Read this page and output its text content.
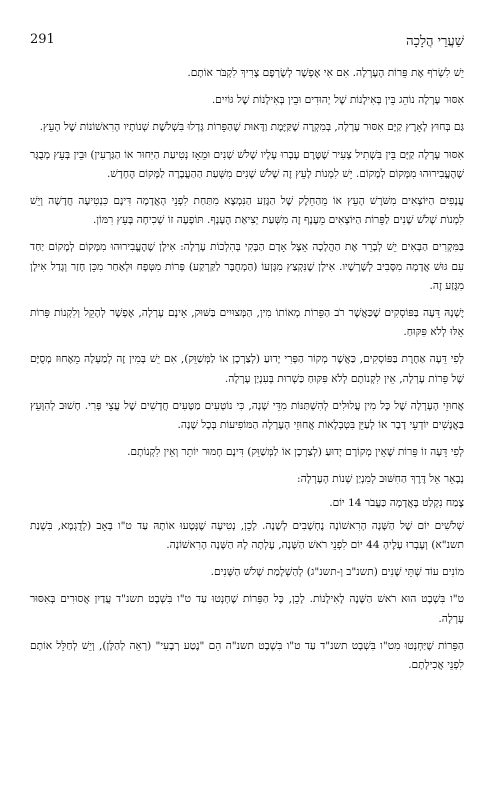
291	שַׁעֲרֵי הֲלָכָה

יֵשׁ לִשְׂרֹף אֶת פֵּרוֹת הָעָרְלָה. אִם אִי אֶפְשָׁר לְשָׂרְפָם צָרִיךְ לִקְבֹּר אוֹתָם.

אִסּוּר עָרְלָה נוֹהֵג בֵּין בְּאִילָנוֹת שֶׁל יְהוּדִים וּבֵין בְּאִילָנוֹת שֶׁל גּוֹיִים.

גַּם בְּחוּץ לָאָרֶץ קַיָּם אִסּוּר עָרְלָה, בְּמִקְרֶה שֶׁקַּיֶּמֶת וַדָּאוּת שֶׁהַפֵּרוֹת גָּדְלוּ בִּשְׁלֹשֶׁת שְׁנוֹתָיו הָרִאשׁוֹנוֹת שֶׁל הָעֵץ.

אִסּוּר עָרְלָה קַיָּם בֵּין בִּשְׁתִיל צָעִיר שֶׁטֶּרֶם עָבְרוּ עָלָיו שָׁלֹשׁ שָׁנִים וּמֵאָז נְטִיעַת הַיִּחוּר אוֹ הַגַּרְעִין) וּבֵין בְּעֵץ מְבֻגָּר שֶׁהֶעֱבִירוּהוּ מִמָּקוֹם לְמָקוֹם. יֵשׁ לִמְנוֹת לָעֵץ זֶה שָׁלֹשׁ שָׁנִים מִשְּׁעַת הַהַעֲבָרָה לַמָּקוֹם הֶחָדָשׁ.

עֲנָפִים הַיּוֹצְאִים מִשֹּׁרֶשׁ הָעֵץ אוֹ מֵהַחֵלֶק שֶׁל הַגֶּזַע הַנִּמְצָא מִתַּחַת לִפְנֵי הָאֲדָמָה דִּינָם כִּנְטִיעָה חֲדָשָׁה וְיֵשׁ לִמְנוֹת שָׁלֹשׁ שָׁנִים לַפֵּרוֹת הַיּוֹצְאִים מֵעָנָף זֶה מִשְּׁעַת יְצִיאַת הֶעָנָף. תּוֹפָעָה זוֹ שְׁכִיחָה בָּעֵץ רִמּוֹן.

בַּמִּקְרִים הַבָּאִים יֵשׁ לְבָרֵר אֶת הַהֲלָכָה אֵצֶל אָדָם הַבָּקִי בְּהִלְכוֹת עָרְלָה: אִילָן שֶׁהֶעֱבִירוּהוּ מִמָּקוֹם לְמָקוֹם יַחַד עִם גּוּשׁ אֲדָמָה מִסָּבִיב לְשָׁרָשָׁיו. אִילָן שֶׁנִּקְצַץ מִגָּזְעוֹ (הַמְחֻבָּר לַקַּרְקַע) פְּרוֹת מִטְּפָח וּלְאַחַר מִכֵּן חָזַר וְגָדַל אִילָן מִגֶּזַע זֶה.

יֶשְׁנָהּ דֵּעָה בַּפּוֹסְקִים שֶׁכַּאֲשֶׁר רֹב הַפֵּרוֹת מְאוֹתוֹ מִין, הַמְּצוּיִים בַּשּׁוּק, אֵינָם עָרְלָה, אֶפְשָׁר לְהָקֵל וְלִקְנוֹת פֵּרוֹת אֵלּוּ לְלֹא פִּקּוּחַ.

לְפִי דֵּעָה אַחֶרֶת בַּפּוֹסְקִים, כַּאֲשֶׁר מְקוֹר הַפְּרִי יָדוּעַ (לְצַרְכָן אוֹ לַמְּשַׁוֵּק), אִם יֵשׁ בְּמִין זֶה לְמַעְלָה מֵאֶחוּז מְסֻיָּם שֶׁל פֵּרוֹת עָרְלָה, אֵין לִקְנוֹתָם לְלֹא פִּקּוּחַ כַּשְׁרוּת בְּעִנְיַן עָרְלָה.

אֲחוּזֵי הָעָרְלָה שֶׁל כָּל מִין עֲלוּלִים לְהִשְׁתַּנּוֹת מִדֵּי שָׁנָה, כִּי נוֹטְעִים מַטָּעִים חֲדָשִׁים שֶׁל עֲצֵי פְּרִי. חָשׁוּב לְהִוָּעֵץ בַּאֲנָשִׁים יוֹדְעֵי דָבָר אוֹ לְעַיֵּן בִּטְבְלָאוֹת אֲחוּזֵי הָעָרְלָה הַמּוֹפִיעוֹת בְּכָל שָׁנָה.

לְפִי דֵּעָה זוֹ פֵּרוֹת שֶׁאֵין מְקוֹרָם יָדוּעַ (לְצַרְכָן אוֹ לַמְּשַׁוֵּק) דִּינָם חָמוּר יוֹתֵר וְאֵין לִקְנוֹתָם.

נְבָאֵר אֵל דֶּרֶךְ הַחִשּׁוּב לְמִנְיַן שְׁנוֹת הָעָרְלָה:

צֶמַח נִקְלַט בָּאֲדָמָה כַּעֲבֹר 14 יוֹם.

שְׁלֹשִׁים יוֹם שֶׁל הַשָּׁנָה הָרִאשׁוֹנָה נֶחְשָׁבִים לְשָׁנָה. לָכֵן, נְטִיעָה שֶׁנְּטָעוּ אוֹתָהּ עַד ט"ו בְּאָב (לְדֻגְמָא, בִּשְׁנַת תשנ"א) וְעָבְרוּ עָלֶיהָ 44 יוֹם לִפְנֵי רֹאשׁ הַשָּׁנָה, עָלְתָה לָהּ הַשָּׁנָה הָרִאשׁוֹנָה.

מוֹנִים עוֹד שְׁתֵּי שָׁנִים (תשנ"ב וְ-תשנ"ג) לְהַשְׁלָמַת שָׁלֹשׁ הַשָּׁנִים.

ט"ו בִּשְׁבָט הוּא רֹאשׁ הַשָּׁנָה לָאִילָנוֹת. לָכֵן, כָּל הַפֵּרוֹת שֶׁחָנְטוּ עַד ט"ו בִּשְׁבָט תשנ"ד עֲדַיִן אֲסוּרִים בְּאִסּוּר עָרְלָה.

הַפֵּרוֹת שֶׁיַּחְנְטוּ מִט"ו בִּשְׁבָט תשנ"ד עַד ט"ו בִּשְׁבָט תשנ"ה הֵם "נֶטַע רְבָעִי" (רְאֵה לְהַלָּן), וְיֵשׁ לְחַלֵּל אוֹתָם לִפְנֵי אֲכִילָתָם.
